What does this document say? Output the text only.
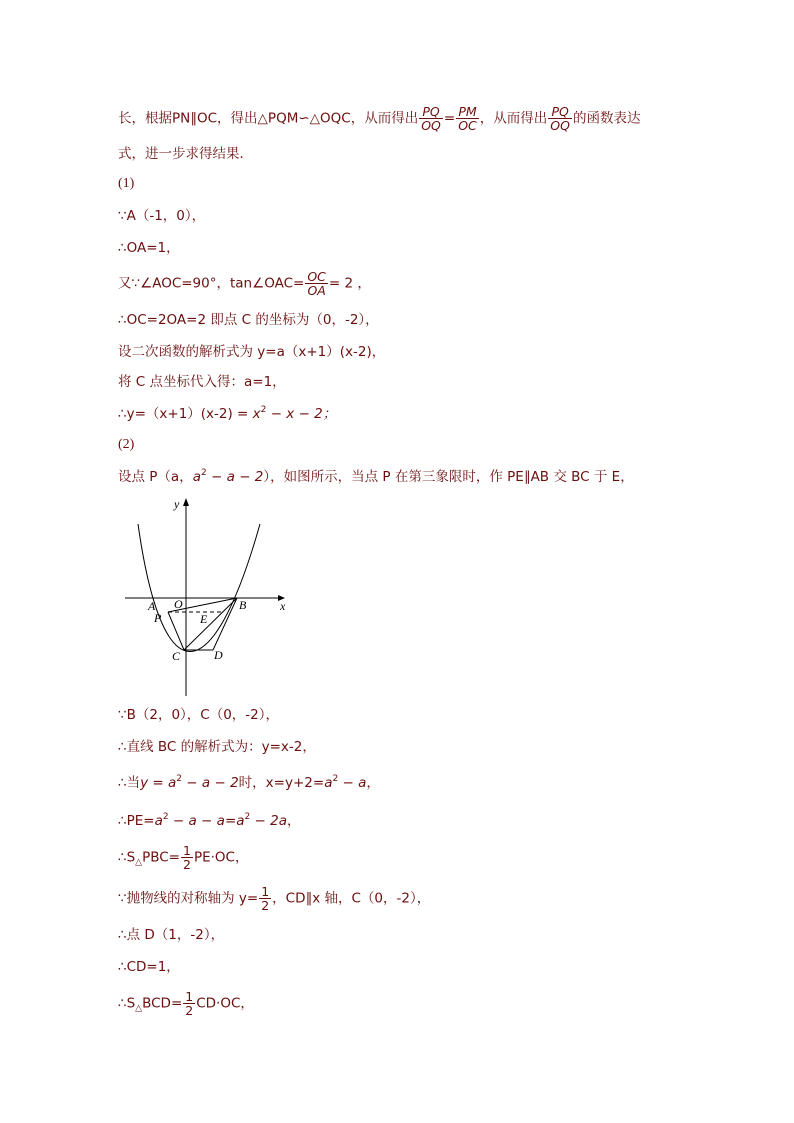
长，根据PN∥OC，得出△PQM∽△OQC，从而得出 $\frac{PQ}{OQ} = \frac{PM}{OC}$ ，从而得出 $\frac{PQ}{OQ}$ 的函数表达
式，进一步求得结果．
(1)
∵A（-1，0），
∴OA=1，
又∵∠AOC=90°，tan∠OAC= $\frac{OC}{OA} = 2$ ，
∴OC=2OA=2 即点 C 的坐标为（0，-2），
设二次函数的解析式为 y=a（x+1）(x-2)，
将 C 点坐标代入得：a=1，
∴y=（x+1）(x-2) = $x^2 - x - 2$；
(2)
设点 P（a，$a^2 - a - 2$），如图所示，当点 P 在第三象限时，作 PE∥AB 交 BC 于 E，
y
x
A O	B
P	E
C	D
∵B（2，0），C（0，-2），
∴直线 BC 的解析式为：y=x-2，
∴当$y = a^2 - a - 2$时，$x=y+2=a^2 - a$，
$\therefore PE=a^2 - a - a=a^2 - 2a$，
$\therefore S_\triangle PBC= \frac{1}{2} PE\cdot OC$，
∵抛物线的对称轴为 $y= \frac{1}{2}$ ，CD∥x 轴，C（0，-2），
∴点 D（1，-2），
∴CD=1，
$\therefore S_\triangle BCD= \frac{1}{2} CD\cdot OC$，
